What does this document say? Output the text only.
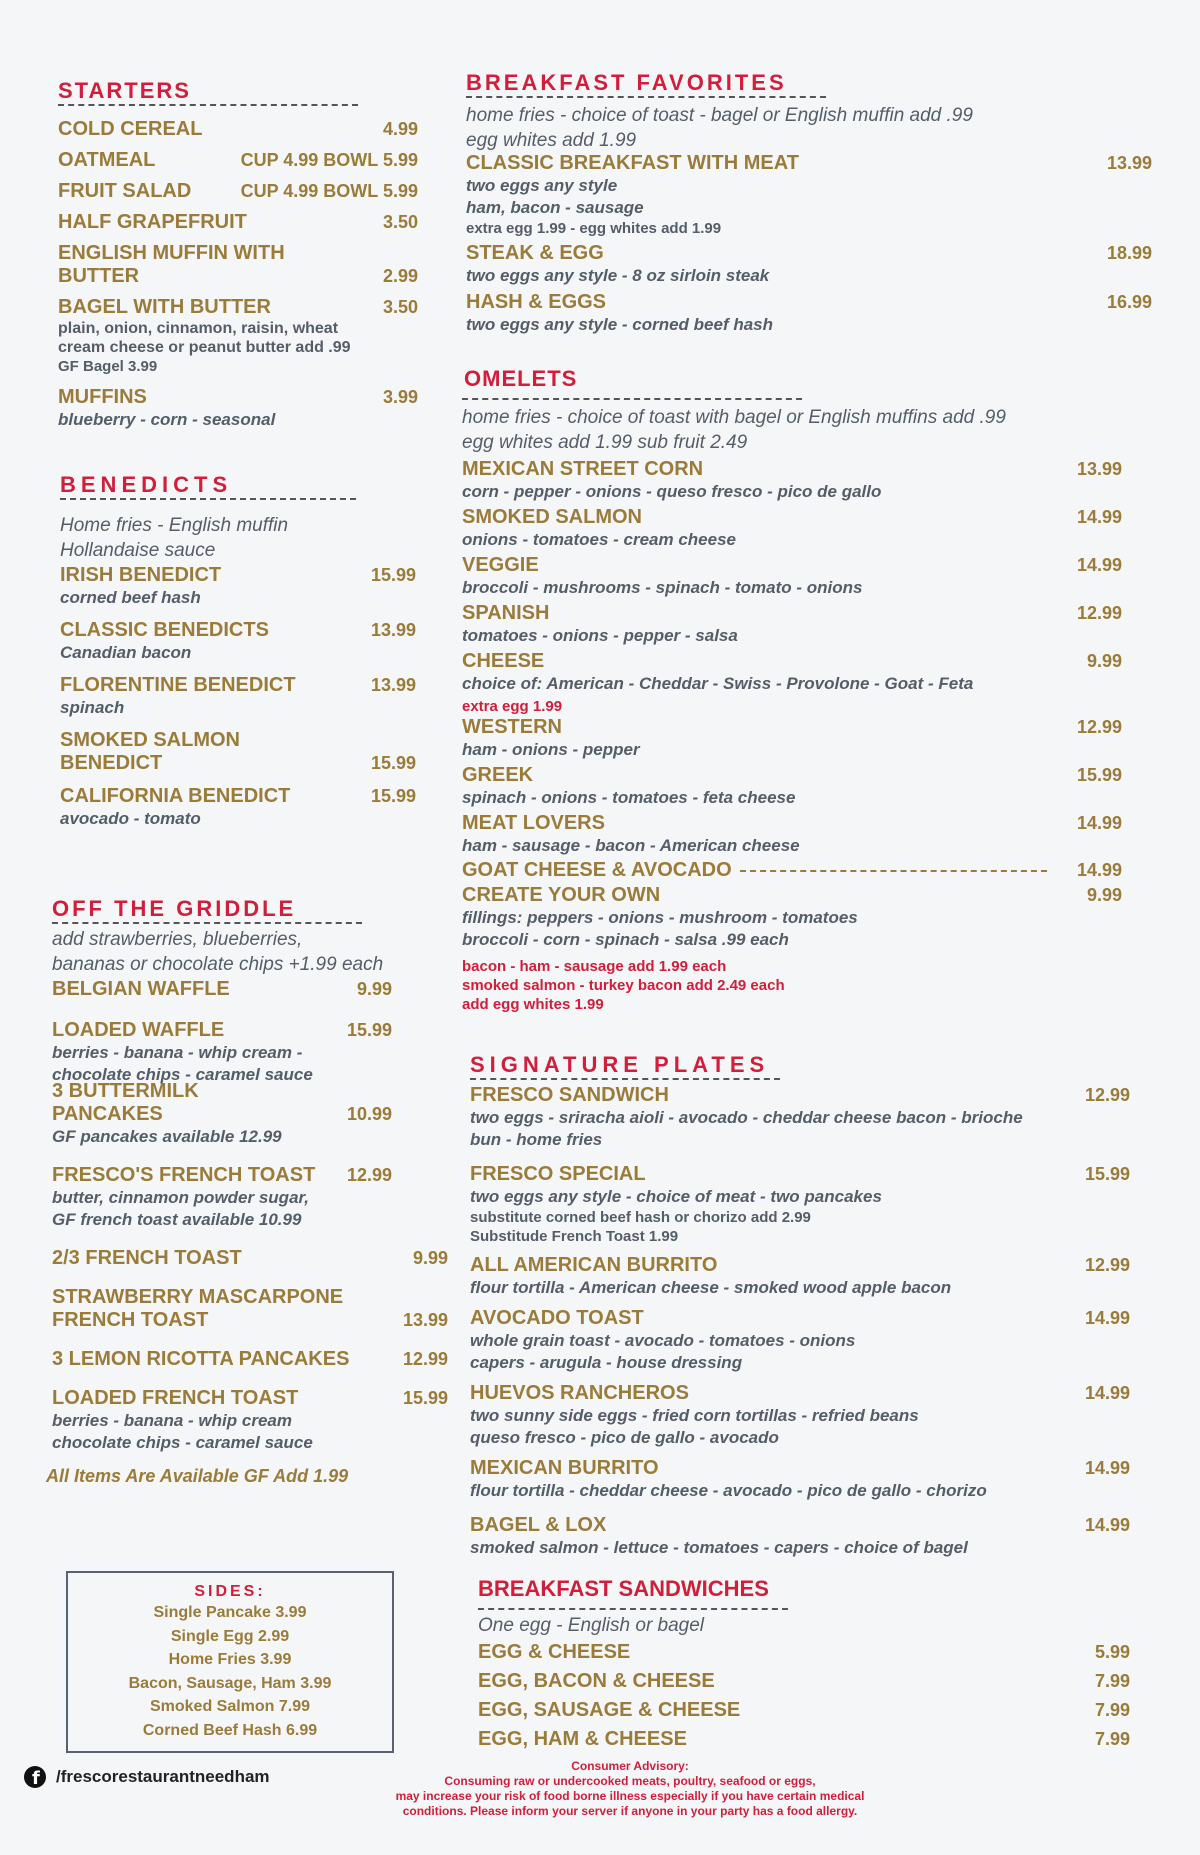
STARTERS
COLD CEREAL	4.99
OATMEAL	CUP 4.99 BOWL 5.99
FRUIT SALAD	CUP 4.99 BOWL 5.99
HALF GRAPEFRUIT	3.50
ENGLISH MUFFIN WITH BUTTER	2.99
BAGEL WITH BUTTER	3.50
plain, onion, cinnamon, raisin, wheat
cream cheese or peanut butter add .99
GF Bagel 3.99
MUFFINS	3.99
blueberry - corn - seasonal
BENEDICTS
Home fries - English muffin
Hollandaise sauce
IRISH BENEDICT	15.99
corned beef hash
CLASSIC BENEDICTS	13.99
Canadian bacon
FLORENTINE BENEDICT	13.99
spinach
SMOKED SALMON BENEDICT	15.99
CALIFORNIA BENEDICT	15.99
avocado - tomato
OFF THE GRIDDLE
add strawberries, blueberries,
bananas or chocolate chips +1.99 each
BELGIAN WAFFLE	9.99
LOADED WAFFLE	15.99
berries - banana - whip cream -
chocolate chips - caramel sauce
3 BUTTERMILK PANCAKES	10.99
GF pancakes available 12.99
FRESCO'S FRENCH TOAST	12.99
butter, cinnamon powder sugar,
GF french toast available 10.99
2/3 FRENCH TOAST	9.99
STRAWBERRY MASCARPONE FRENCH TOAST	13.99
3 LEMON RICOTTA PANCAKES	12.99
LOADED FRENCH TOAST	15.99
berries - banana - whip cream
chocolate chips - caramel sauce
All Items Are Available GF Add 1.99
SIDES:
Single Pancake 3.99
Single Egg 2.99
Home Fries 3.99
Bacon, Sausage, Ham 3.99
Smoked Salmon 7.99
Corned Beef Hash 6.99
BREAKFAST FAVORITES
home fries - choice of toast - bagel or English muffin add .99
egg whites add 1.99
CLASSIC BREAKFAST WITH MEAT	13.99
two eggs any style
ham, bacon - sausage
extra egg 1.99 - egg whites add 1.99
STEAK & EGG	18.99
two eggs any style - 8 oz sirloin steak
HASH & EGGS	16.99
two eggs any style - corned beef hash
OMELETS
home fries - choice of toast with bagel or English muffins add .99
egg whites add 1.99 sub fruit 2.49
MEXICAN STREET CORN	13.99
corn - pepper - onions - queso fresco - pico de gallo
SMOKED SALMON	14.99
onions - tomatoes - cream cheese
VEGGIE	14.99
broccoli - mushrooms - spinach - tomato - onions
SPANISH	12.99
tomatoes - onions - pepper - salsa
CHEESE	9.99
choice of: American - Cheddar - Swiss - Provolone - Goat - Feta
extra egg 1.99
WESTERN	12.99
ham - onions - pepper
GREEK	15.99
spinach - onions - tomatoes - feta cheese
MEAT LOVERS	14.99
ham - sausage - bacon - American cheese
GOAT CHEESE & AVOCADO	14.99
CREATE YOUR OWN	9.99
fillings: peppers - onions - mushroom - tomatoes
broccoli - corn - spinach - salsa .99 each
bacon - ham - sausage add 1.99 each
smoked salmon - turkey bacon add 2.49 each
add egg whites 1.99
SIGNATURE PLATES
FRESCO SANDWICH	12.99
two eggs - sriracha aioli - avocado - cheddar cheese bacon - brioche
bun - home fries
FRESCO SPECIAL	15.99
two eggs any style - choice of meat - two pancakes
substitute corned beef hash or chorizo add 2.99
Substitude French Toast 1.99
ALL AMERICAN BURRITO	12.99
flour tortilla - American cheese - smoked wood apple bacon
AVOCADO TOAST	14.99
whole grain toast - avocado - tomatoes - onions
capers - arugula - house dressing
HUEVOS RANCHEROS	14.99
two sunny side eggs - fried corn tortillas - refried beans
queso fresco - pico de gallo - avocado
MEXICAN BURRITO	14.99
flour tortilla - cheddar cheese - avocado - pico de gallo - chorizo
BAGEL & LOX	14.99
smoked salmon - lettuce - tomatoes - capers - choice of bagel
BREAKFAST SANDWICHES
One egg - English or bagel
EGG & CHEESE	5.99
EGG, BACON & CHEESE	7.99
EGG, SAUSAGE & CHEESE	7.99
EGG, HAM & CHEESE	7.99
f /frescorestaurantneedham
Consumer Advisory:
Consuming raw or undercooked meats, poultry, seafood or eggs,
may increase your risk of food borne illness especially if you have certain medical
conditions. Please inform your server if anyone in your party has a food allergy.
